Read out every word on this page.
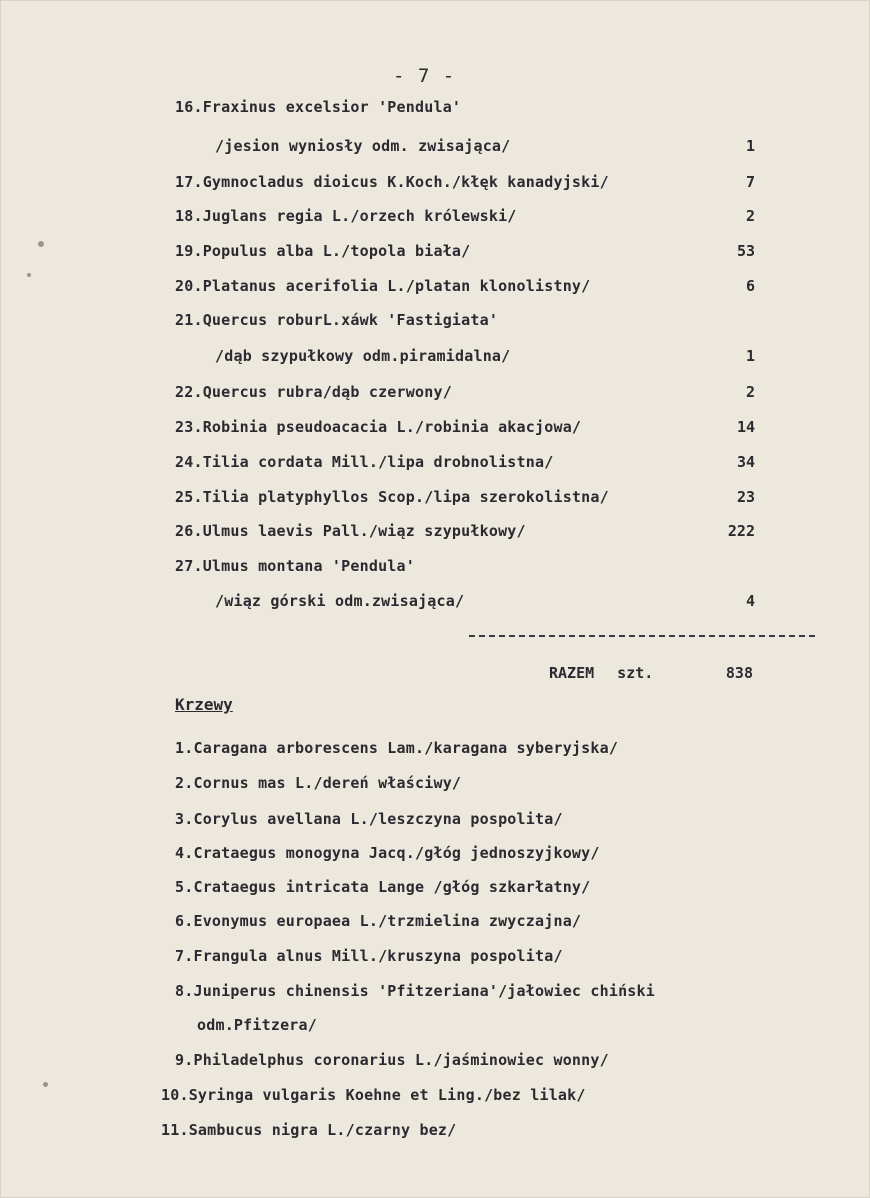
- 7 -
16.Fraxinus excelsior 'Pendula'
/jesion wyniosły odm. zwisająca/	1
17.Gymnocladus dioicus K.Koch./kłęk kanadyjski/	7
18.Juglans regia L./orzech królewski/	2
19.Populus alba L./topola biała/	53
20.Platanus acerifolia L./platan klonolistny/	6
21.Quercus roburL.xáwk 'Fastigiata'
/dąb szypułkowy odm.piramidalna/	1
22.Quercus rubra/dąb czerwony/	2
23.Robinia pseudoacacia L./robinia akacjowa/	14
24.Tilia cordata Mill./lipa drobnolistna/	34
25.Tilia platyphyllos Scop./lipa szerokolistna/	23
26.Ulmus laevis Pall./wiąz szypułkowy/	222
27.Ulmus montana 'Pendula'
/wiąz górski odm.zwisająca/	4
RAZEM szt.	838
Krzewy
1.Caragana arborescens Lam./karagana syberyjska/
2.Cornus mas L./dereń właściwy/
3.Corylus avellana L./leszczyna pospolita/
4.Crataegus monogyna Jacq./głóg jednoszyjkowy/
5.Crataegus intricata Lange /głóg szkarłatny/
6.Evonymus europaea L./trzmielina zwyczajna/
7.Frangula alnus Mill./kruszyna pospolita/
8.Juniperus chinensis 'Pfitzeriana'/jałowiec chiński
odm.Pfitzera/
9.Philadelphus coronarius L./jaśminowiec wonny/
10.Syringa vulgaris Koehne et Ling./bez lilak/
11.Sambucus nigra L./czarny bez/
